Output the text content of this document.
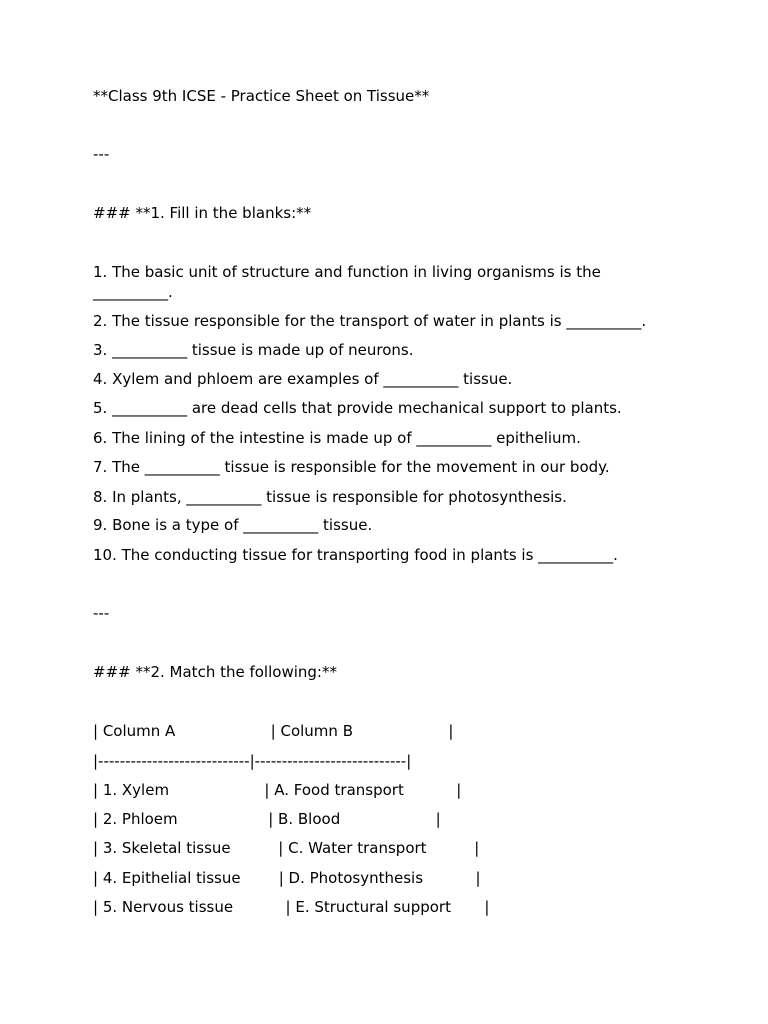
**Class 9th ICSE - Practice Sheet on Tissue**

---

### **1. Fill in the blanks:**

1. The basic unit of structure and function in living organisms is the __________.

2. The tissue responsible for the transport of water in plants is __________.

3. __________ tissue is made up of neurons.

4. Xylem and phloem are examples of __________ tissue.

5. __________ are dead cells that provide mechanical support to plants.

6. The lining of the intestine is made up of __________ epithelium.

7. The __________ tissue is responsible for the movement in our body.

8. In plants, __________ tissue is responsible for photosynthesis.

9. Bone is a type of __________ tissue.

10. The conducting tissue for transporting food in plants is __________.

---

### **2. Match the following:**

| Column A                    | Column B                    |

|----------------------------|----------------------------|

| 1. Xylem                    | A. Food transport           |

| 2. Phloem                   | B. Blood                    |

| 3. Skeletal tissue          | C. Water transport          |

| 4. Epithelial tissue        | D. Photosynthesis           |

| 5. Nervous tissue           | E. Structural support       |
